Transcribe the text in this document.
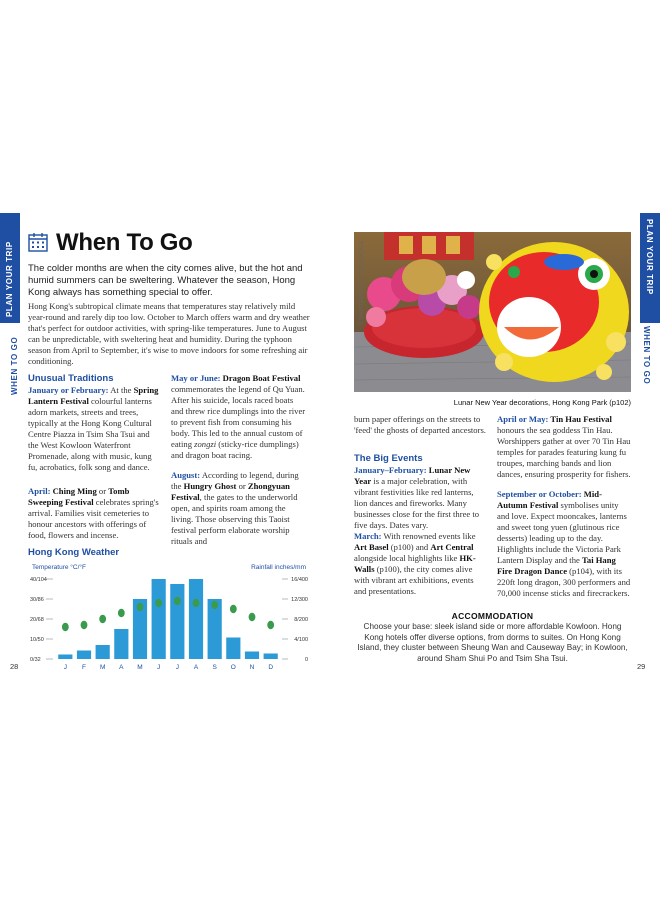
PLAN YOUR TRIP
WHEN TO GO
When To Go
The colder months are when the city comes alive, but the hot and humid summers can be sweltering. Whatever the season, Hong Kong always has something special to offer.
Hong Kong's subtropical climate means that temperatures stay relatively mild year-round and rarely dip too low. October to March offers warm and dry weather that's perfect for outdoor activities, with spring-like temperatures. June to August can be unpredictable, with sweltering heat and humidity. During the typhoon season from April to September, it's wise to move indoors for some refreshing air conditioning.
Unusual Traditions
January or February: At the Spring Lantern Festival colourful lanterns adorn markets, streets and trees, typically at the Hong Kong Cultural Centre Piazza in Tsim Sha Tsui and the West Kowloon Waterfront Promenade, along with music, kung fu, acrobatics, folk song and dance.
April: Ching Ming or Tomb Sweeping Festival celebrates spring's arrival. Families visit cemeteries to honour ancestors with offerings of food, flowers and incense.
May or June: Dragon Boat Festival commemorates the legend of Qu Yuan. After his suicide, locals raced boats and threw rice dumplings into the river to prevent fish from consuming his body. This led to the annual custom of eating zongzi (sticky-rice dumplings) and dragon boat racing.
August: According to legend, during the Hungry Ghost or Zhongyuan Festival, the gates to the underworld open, and spirits roam among the living. Those observing this Taoist festival perform elaborate worship rituals and
Hong Kong Weather
Temperature °C/°F	Rainfall inches/mm
40/104
30/86
20/68
10/50
0/32
16/400
12/300
8/200
4/100
0
J F M A M J J A S O N D
28
PLAN YOUR TRIP
WHEN TO GO
© SHUTTERSTOCK / YUTA LOCALS
Lunar New Year decorations, Hong Kong Park (p102)
burn paper offerings on the streets to 'feed' the ghosts of departed ancestors.
The Big Events
January–February: Lunar New Year is a major celebration, with vibrant festivities like red lanterns, lion dances and fireworks. Many businesses close for the first three to five days. Dates vary.
March: With renowned events like Art Basel (p100) and Art Central alongside local highlights like HK-Walls (p100), the city comes alive with vibrant art exhibitions, events and presentations.
April or May: Tin Hau Festival honours the sea goddess Tin Hau. Worshippers gather at over 70 Tin Hau temples for parades featuring kung fu troupes, marching bands and lion dances, ensuring prosperity for fishers.
September or October: Mid-Autumn Festival symbolises unity and love. Expect mooncakes, lanterns and sweet tong yuen (glutinous rice desserts) leading up to the day. Highlights include the Victoria Park Lantern Display and the Tai Hang Fire Dragon Dance (p104), with its 220ft long dragon, 300 performers and 70,000 incense sticks and firecrackers.
ACCOMMODATION
Choose your base: sleek island side or more affordable Kowloon. Hong Kong hotels offer diverse options, from dorms to suites. On Hong Kong Island, they cluster between Sheung Wan and Causeway Bay; in Kowloon, around Sham Shui Po and Tsim Sha Tsui.
29
